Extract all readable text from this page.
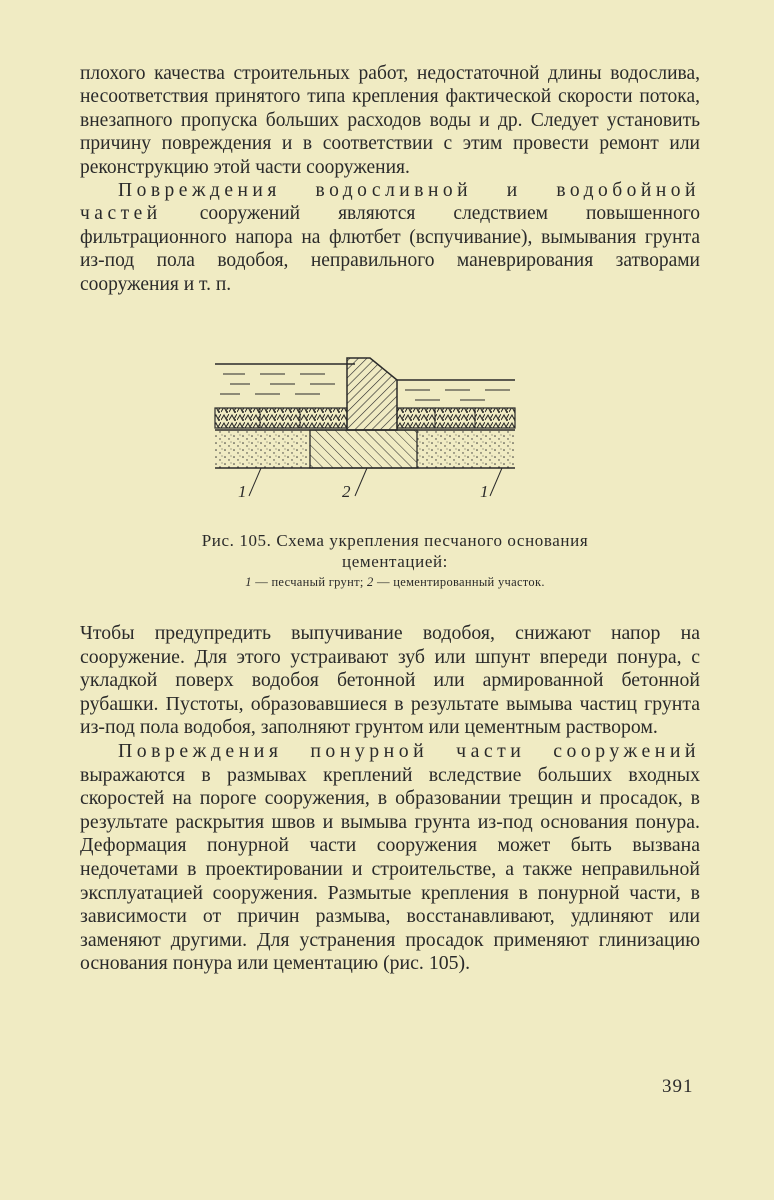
плохого качества строительных работ, недостаточной длины водослива, несоответствия принятого типа крепления фактической скорости потока, внезапного пропуска больших расходов воды и др. Следует установить причину повреждения и в соответствии с этим провести ремонт или реконструкцию этой части сооружения.

Повреждения водосливной и водобойной частей сооружений являются следствием повышенного фильтрационного напора на флютбет (вспучивание), вымывания грунта из-под пола водобоя, неправильного маневрирования затворами сооружения и т. п.

1	2	1
Рис. 105. Схема укрепления песчаного основания цементацией:
1 — песчаный грунт; 2 — цементированный участок.

Чтобы предупредить выпучивание водобоя, снижают напор на сооружение. Для этого устраивают зуб или шпунт впереди понура, с укладкой поверх водобоя бетонной или армированной бетонной рубашки. Пустоты, образовавшиеся в результате вымыва частиц грунта из-под пола водобоя, заполняют грунтом или цементным раствором.

Повреждения понурной части сооружений выражаются в размывах креплений вследствие больших входных скоростей на пороге сооружения, в образовании трещин и просадок, в результате раскрытия швов и вымыва грунта из-под основания понура. Деформация понурной части сооружения может быть вызвана недочетами в проектировании и строительстве, а также неправильной эксплуатацией сооружения. Размытые крепления в понурной части, в зависимости от причин размыва, восстанавливают, удлиняют или заменяют другими. Для устранения просадок применяют глинизацию основания понура или цементацию (рис. 105).

391
